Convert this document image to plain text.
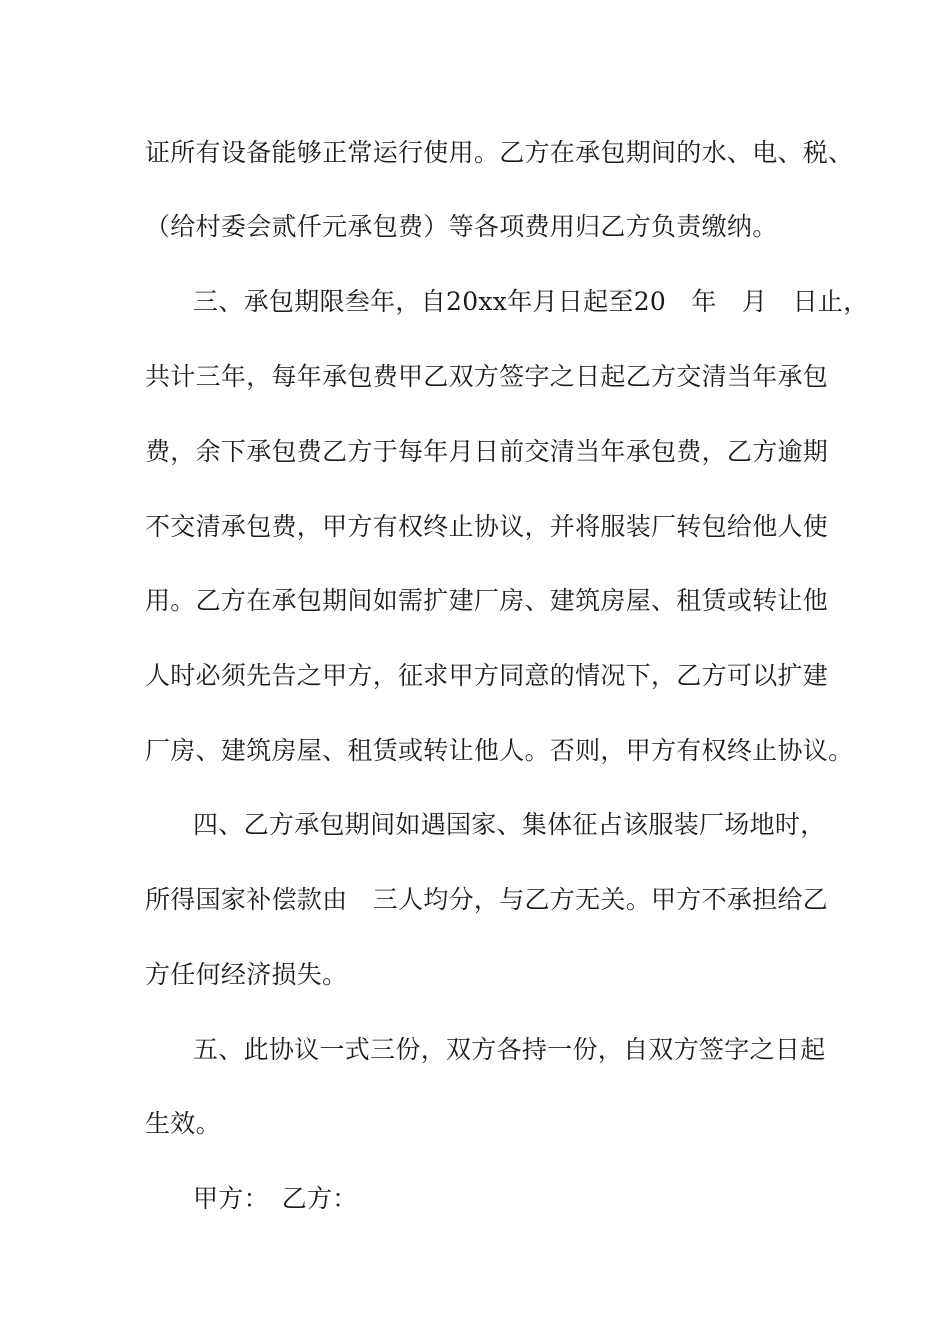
证所有设备能够正常运行使用。乙方在承包期间的水、电、税、
（给村委会贰仟元承包费）等各项费用归乙方负责缴纳。
三、承包期限叁年，自20xx年月日起至20　年　月　日止，
共计三年，每年承包费甲乙双方签字之日起乙方交清当年承包
费，余下承包费乙方于每年月日前交清当年承包费，乙方逾期
不交清承包费，甲方有权终止协议，并将服装厂转包给他人使
用。乙方在承包期间如需扩建厂房、建筑房屋、租赁或转让他
人时必须先告之甲方，征求甲方同意的情况下，乙方可以扩建
厂房、建筑房屋、租赁或转让他人。否则，甲方有权终止协议。
四、乙方承包期间如遇国家、集体征占该服装厂场地时，
所得国家补偿款由　三人均分，与乙方无关。甲方不承担给乙
方任何经济损失。
五、此协议一式三份，双方各持一份，自双方签字之日起
生效。
甲方：　乙方：
